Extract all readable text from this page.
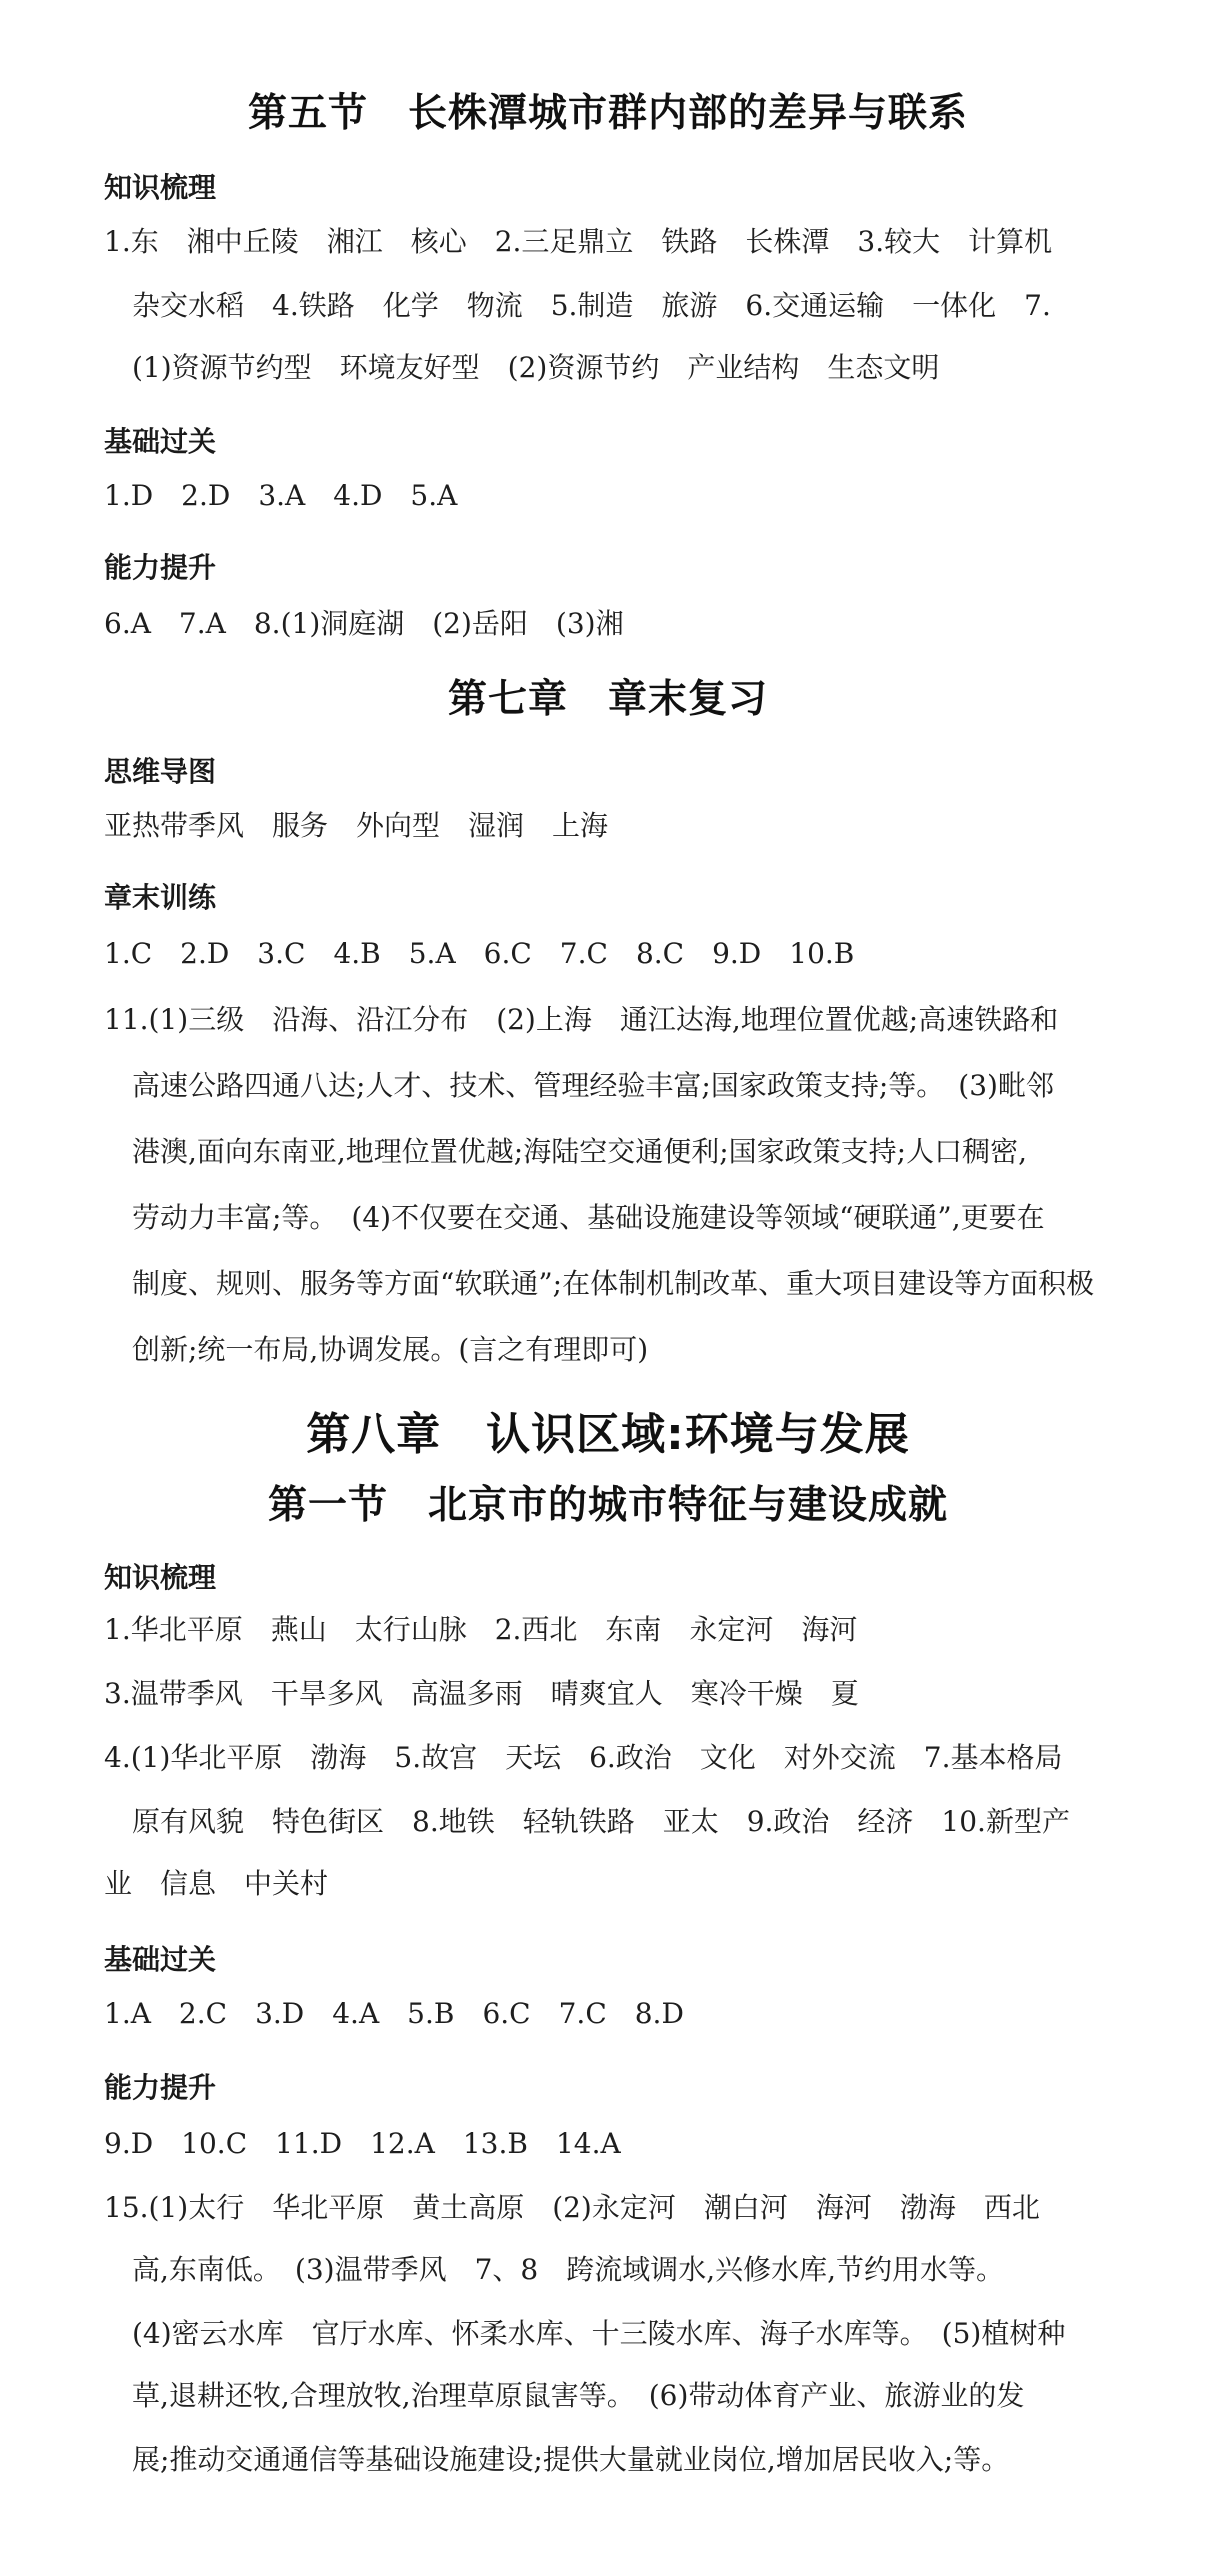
第五节　长株潭城市群内部的差异与联系
知识梳理
1.东　湘中丘陵　湘江　核心　2.三足鼎立　铁路　长株潭　3.较大　计算机
杂交水稻　4.铁路　化学　物流　5.制造　旅游　6.交通运输　一体化　7.
(1)资源节约型　环境友好型　(2)资源节约　产业结构　生态文明
基础过关
1.D　2.D　3.A　4.D　5.A
能力提升
6.A　7.A　8.(1)洞庭湖　(2)岳阳　(3)湘
第七章　章末复习
思维导图
亚热带季风　服务　外向型　湿润　上海
章末训练
1.C　2.D　3.C　4.B　5.A　6.C　7.C　8.C　9.D　10.B
11.(1)三级　沿海、沿江分布　(2)上海　通江达海,地理位置优越;高速铁路和
高速公路四通八达;人才、技术、管理经验丰富;国家政策支持;等。　(3)毗邻
港澳,面向东南亚,地理位置优越;海陆空交通便利;国家政策支持;人口稠密,
劳动力丰富;等。　(4)不仅要在交通、基础设施建设等领域“硬联通”,更要在
制度、规则、服务等方面“软联通”;在体制机制改革、重大项目建设等方面积极
创新;统一布局,协调发展。(言之有理即可)
第八章　认识区域:环境与发展
第一节　北京市的城市特征与建设成就
知识梳理
1.华北平原　燕山　太行山脉　2.西北　东南　永定河　海河
3.温带季风　干旱多风　高温多雨　晴爽宜人　寒冷干燥　夏
4.(1)华北平原　渤海　5.故宫　天坛　6.政治　文化　对外交流　7.基本格局
原有风貌　特色街区　8.地铁　轻轨铁路　亚太　9.政治　经济　10.新型产
业　信息　中关村
基础过关
1.A　2.C　3.D　4.A　5.B　6.C　7.C　8.D
能力提升
9.D　10.C　11.D　12.A　13.B　14.A
15.(1)太行　华北平原　黄土高原　(2)永定河　潮白河　海河　渤海　西北
高,东南低。　(3)温带季风　7、8　跨流域调水,兴修水库,节约用水等。
(4)密云水库　官厅水库、怀柔水库、十三陵水库、海子水库等。　(5)植树种
草,退耕还牧,合理放牧,治理草原鼠害等。　(6)带动体育产业、旅游业的发
展;推动交通通信等基础设施建设;提供大量就业岗位,增加居民收入;等。
